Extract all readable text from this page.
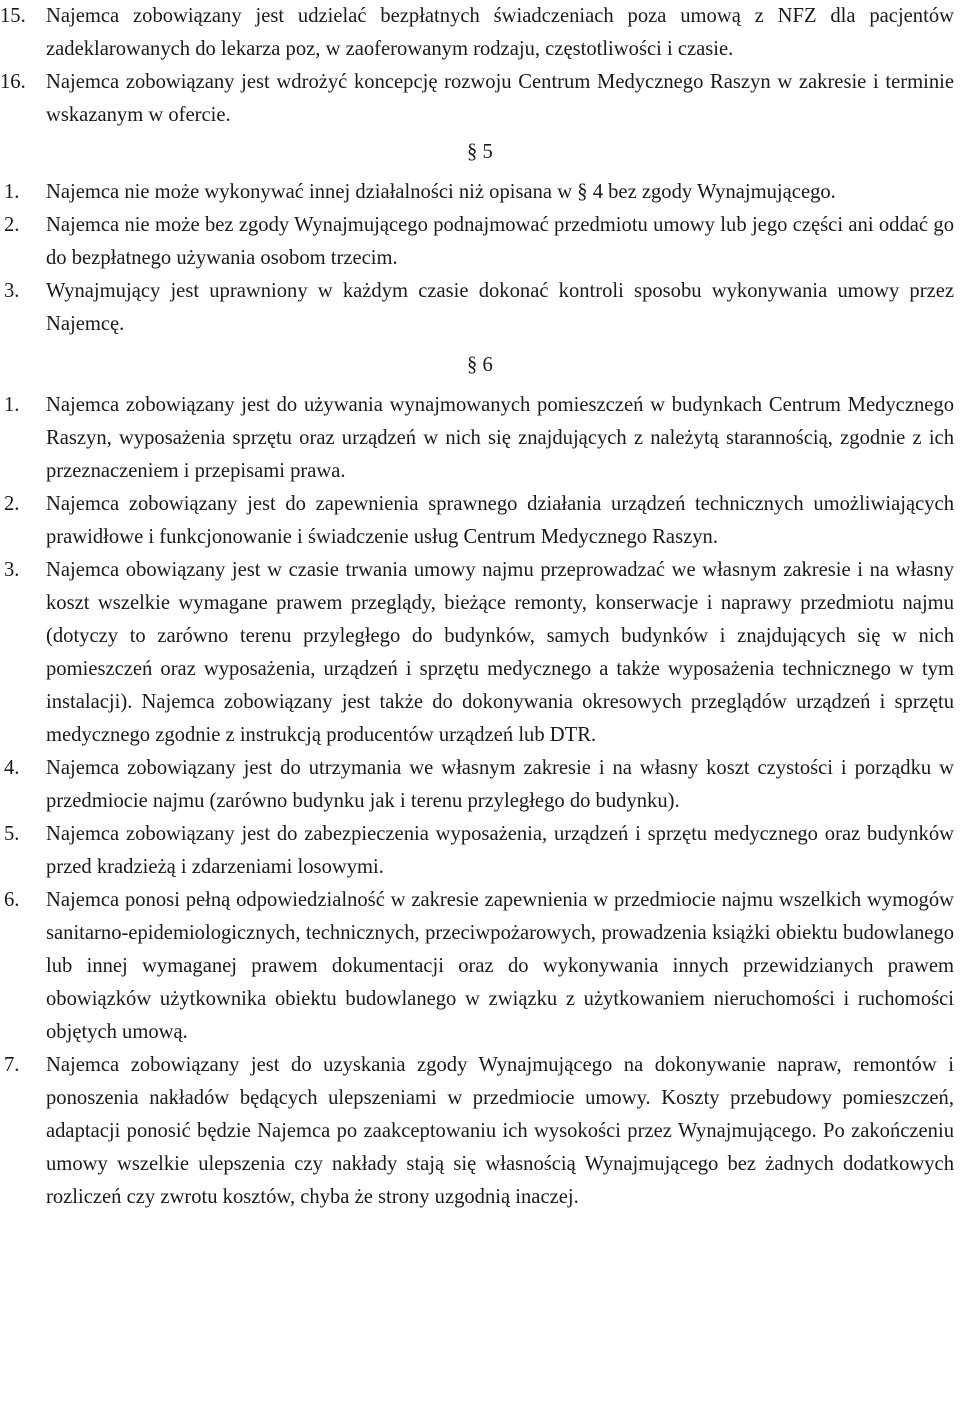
15. Najemca zobowiązany jest udzielać bezpłatnych świadczeniach poza umową z NFZ dla pacjentów zadeklarowanych do lekarza poz, w zaoferowanym rodzaju, częstotliwości i czasie.
16. Najemca zobowiązany jest wdrożyć koncepcję rozwoju Centrum Medycznego Raszyn w zakresie i terminie wskazanym w ofercie.
§ 5
1.	Najemca nie może wykonywać innej działalności niż opisana w § 4 bez zgody Wynajmującego.
2.	Najemca nie może bez zgody Wynajmującego podnajmować przedmiotu umowy lub jego części ani oddać go do bezpłatnego używania osobom trzecim.
3.	Wynajmujący jest uprawniony w każdym czasie dokonać kontroli sposobu wykonywania umowy przez Najemcę.
§ 6
1.	Najemca zobowiązany jest do używania wynajmowanych pomieszczeń w budynkach Centrum Medycznego Raszyn, wyposażenia sprzętu oraz urządzeń w nich się znajdujących z należytą starannością, zgodnie z ich przeznaczeniem i przepisami prawa.
2.	Najemca zobowiązany jest do zapewnienia sprawnego działania urządzeń technicznych umożliwiających prawidłowe i funkcjonowanie i świadczenie usług Centrum Medycznego Raszyn.
3.	Najemca obowiązany jest w czasie trwania umowy najmu przeprowadzać we własnym zakresie i na własny koszt wszelkie wymagane prawem przeglądy, bieżące remonty, konserwacje i naprawy przedmiotu najmu (dotyczy to zarówno terenu przyległego do budynków, samych budynków i znajdujących się w nich pomieszczeń oraz wyposażenia, urządzeń i sprzętu medycznego a także wyposażenia technicznego w tym instalacji). Najemca zobowiązany jest także do dokonywania okresowych przeglądów urządzeń i sprzętu medycznego zgodnie z instrukcją producentów urządzeń lub DTR.
4.	Najemca zobowiązany jest do utrzymania we własnym zakresie i na własny koszt czystości i porządku w przedmiocie najmu (zarówno budynku jak i terenu przyległego do budynku).
5.	Najemca zobowiązany jest do zabezpieczenia wyposażenia, urządzeń i sprzętu medycznego oraz budynków przed kradzieżą i zdarzeniami losowymi.
6.	Najemca ponosi pełną odpowiedzialność w zakresie zapewnienia w przedmiocie najmu wszelkich wymogów sanitarno-epidemiologicznych, technicznych, przeciwpożarowych, prowadzenia książki obiektu budowlanego lub innej wymaganej prawem dokumentacji oraz do wykonywania innych przewidzianych prawem obowiązków użytkownika obiektu budowlanego w związku z użytkowaniem nieruchomości i ruchomości objętych umową.
7.	Najemca zobowiązany jest do uzyskania zgody Wynajmującego na dokonywanie napraw, remontów i ponoszenia nakładów będących ulepszeniami w przedmiocie umowy. Koszty przebudowy pomieszczeń, adaptacji ponosić będzie Najemca po zaakceptowaniu ich wysokości przez Wynajmującego. Po zakończeniu umowy wszelkie ulepszenia czy nakłady stają się własnością Wynajmującego bez żadnych dodatkowych rozliczeń czy zwrotu kosztów, chyba że strony uzgodnią inaczej.
